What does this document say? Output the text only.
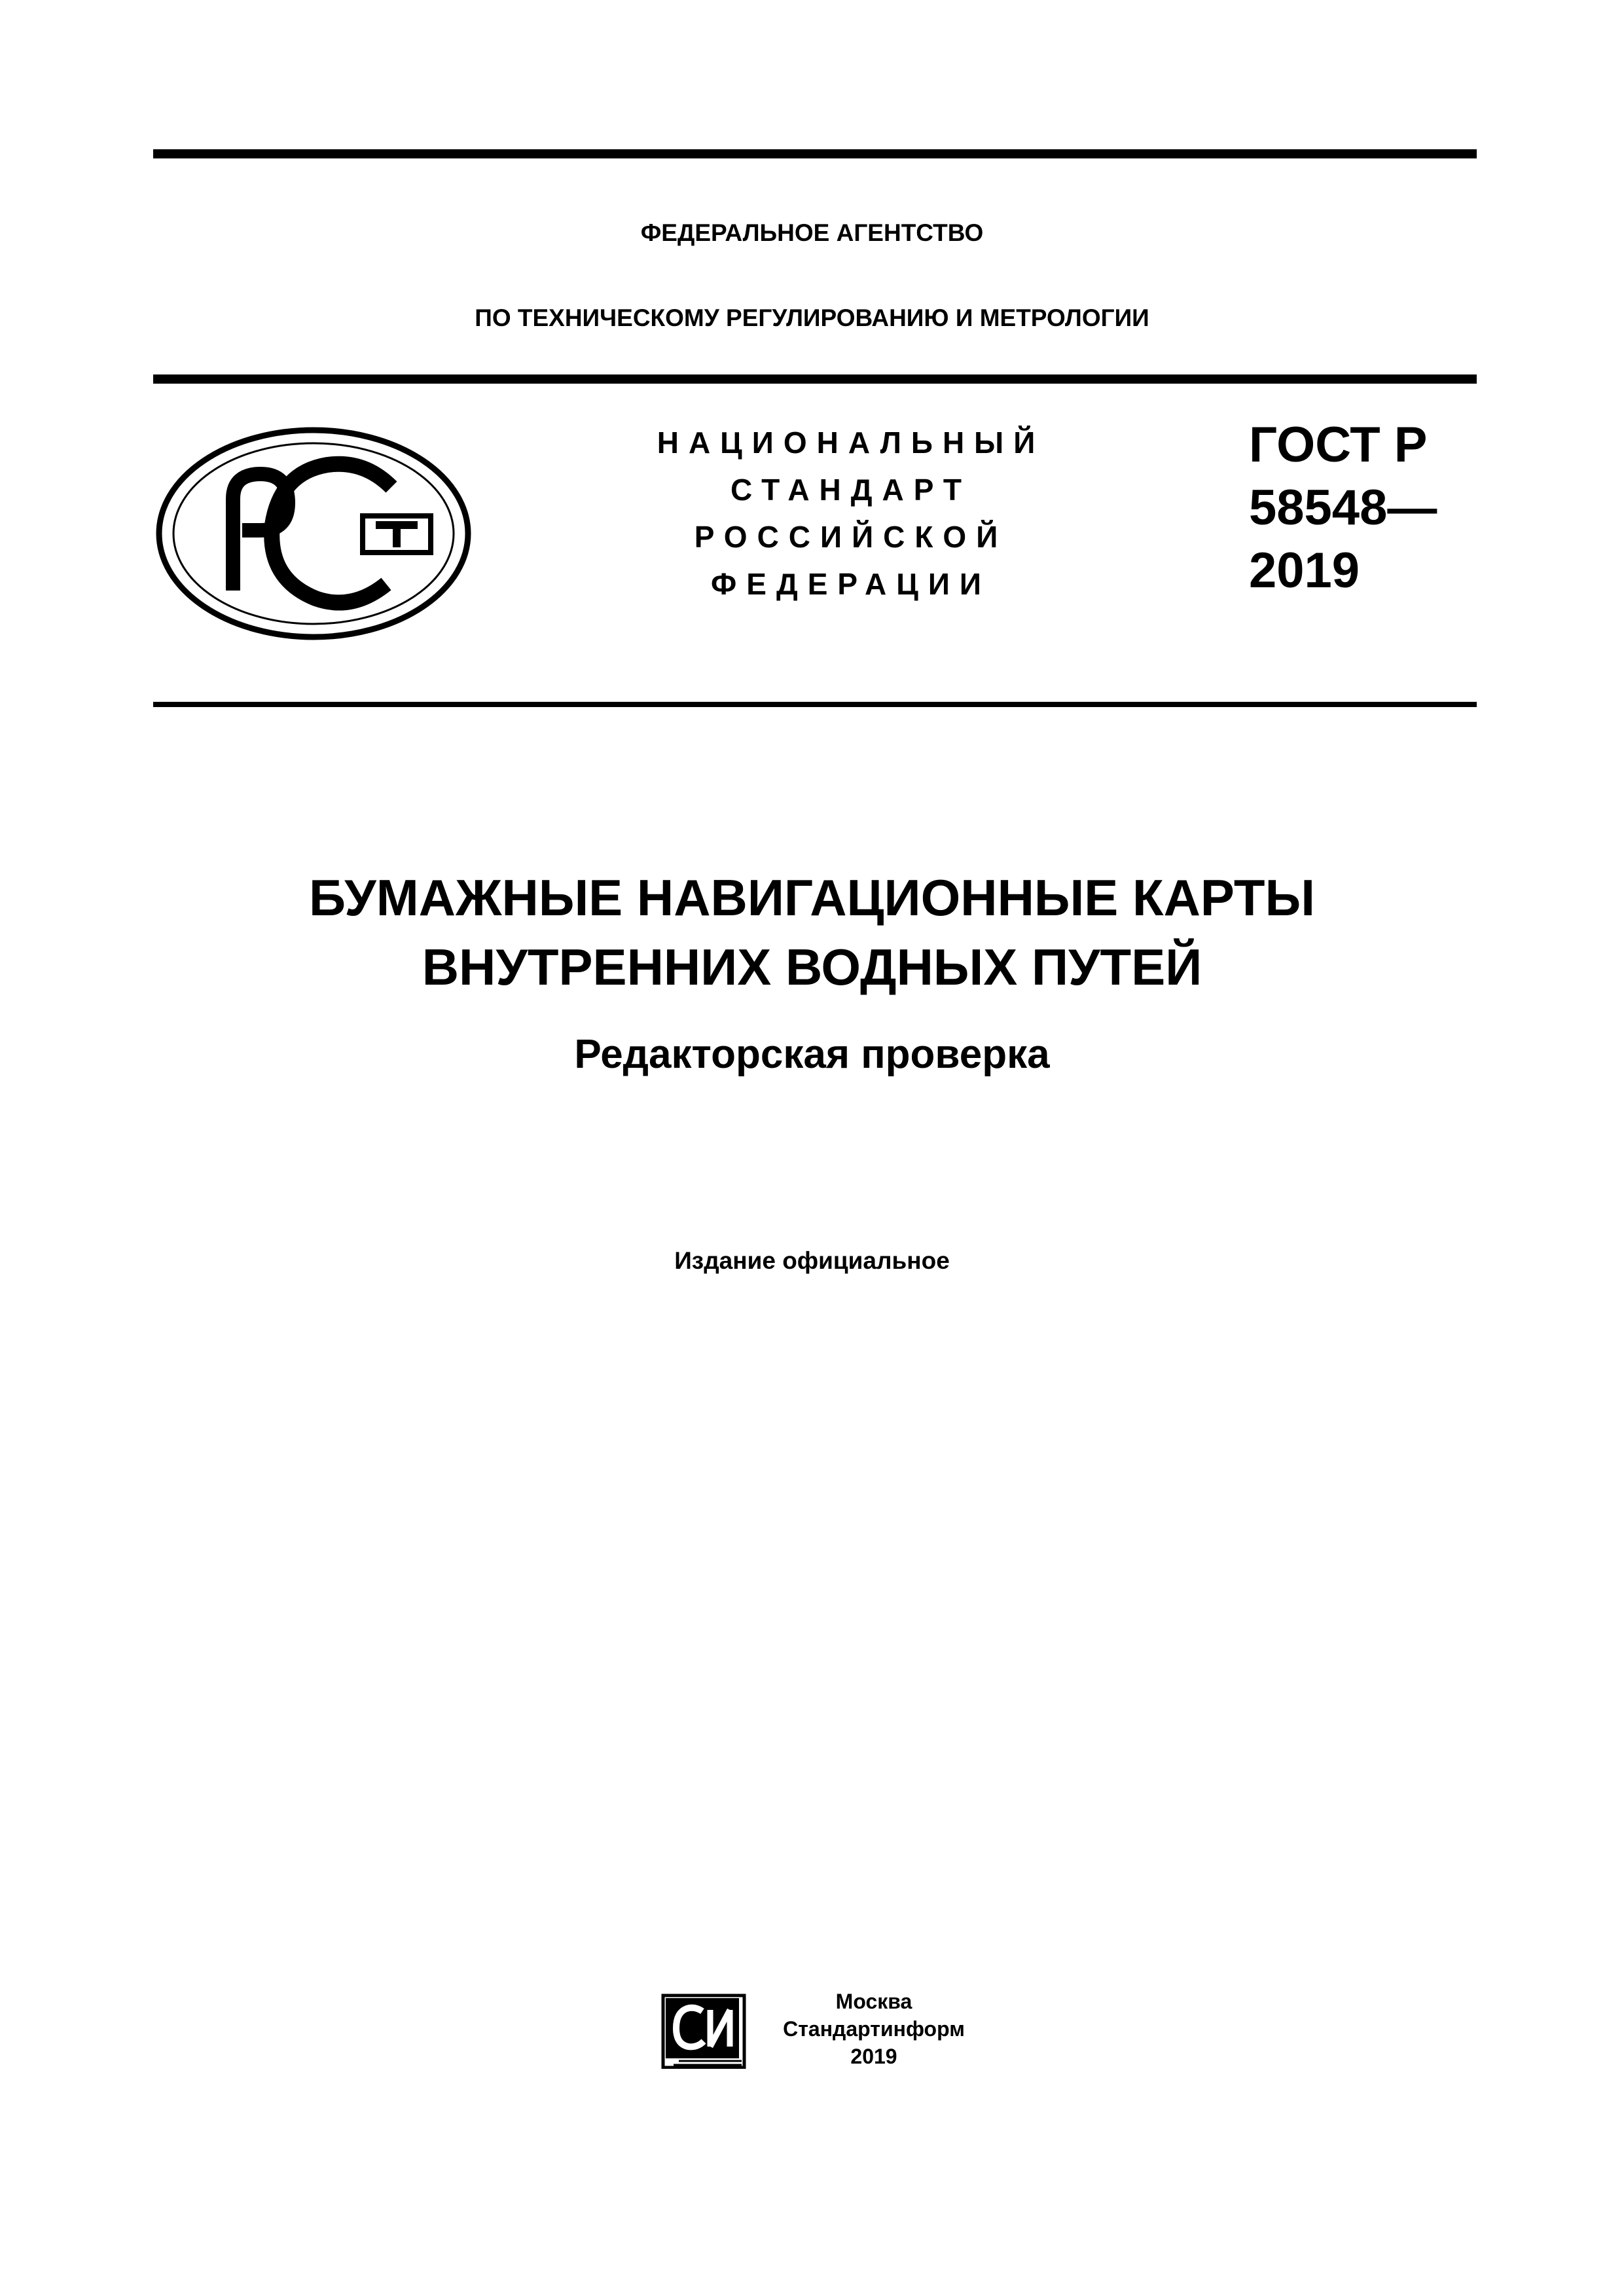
ФЕДЕРАЛЬНОЕ АГЕНТСТВО
ПО ТЕХНИЧЕСКОМУ РЕГУЛИРОВАНИЮ И МЕТРОЛОГИИ
НАЦИОНАЛЬНЫЙ
СТАНДАРТ
РОССИЙСКОЙ
ФЕДЕРАЦИИ
ГОСТ Р
58548—
2019
БУМАЖНЫЕ НАВИГАЦИОННЫЕ КАРТЫ
ВНУТРЕННИХ ВОДНЫХ ПУТЕЙ
Редакторская проверка
Издание официальное
Москва
Стандартинформ
2019
